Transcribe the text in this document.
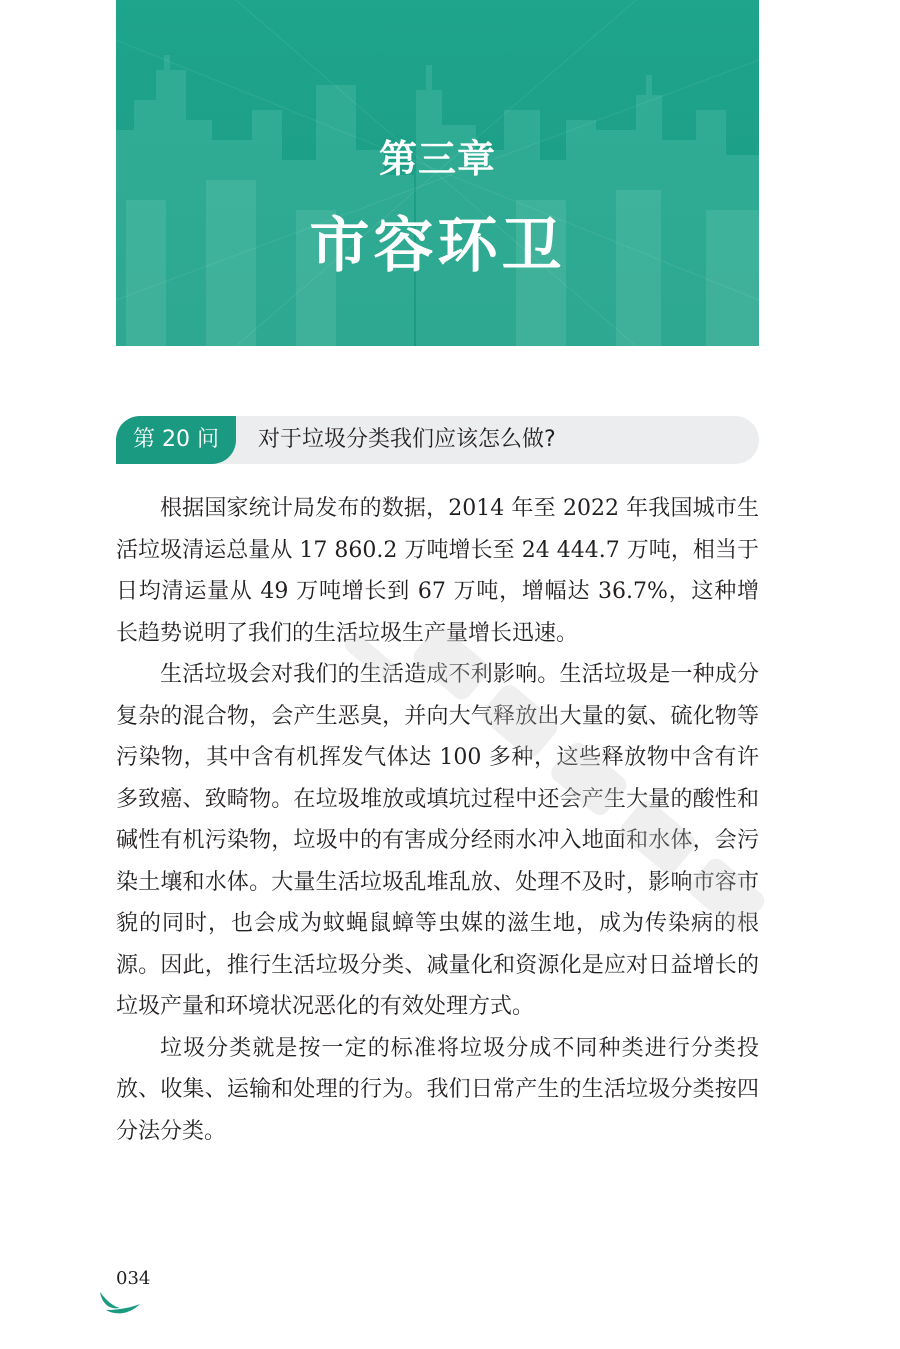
第三章
市容环卫
第 20 问	对于垃圾分类我们应该怎么做?

根据国家统计局发布的数据，2014 年至 2022 年我国城市生活垃圾清运总量从 17 860.2 万吨增长至 24 444.7 万吨，相当于日均清运量从 49 万吨增长到 67 万吨，增幅达 36.7%，这种增长趋势说明了我们的生活垃圾生产量增长迅速。

生活垃圾会对我们的生活造成不利影响。生活垃圾是一种成分复杂的混合物，会产生恶臭，并向大气释放出大量的氨、硫化物等污染物，其中含有机挥发气体达 100 多种，这些释放物中含有许多致癌、致畸物。在垃圾堆放或填坑过程中还会产生大量的酸性和碱性有机污染物，垃圾中的有害成分经雨水冲入地面和水体，会污染土壤和水体。大量生活垃圾乱堆乱放、处理不及时，影响市容市貌的同时，也会成为蚊蝇鼠蟑等虫媒的滋生地，成为传染病的根源。因此，推行生活垃圾分类、减量化和资源化是应对日益增长的垃圾产量和环境状况恶化的有效处理方式。

垃圾分类就是按一定的标准将垃圾分成不同种类进行分类投放、收集、运输和处理的行为。我们日常产生的生活垃圾分类按四分法分类。

034
